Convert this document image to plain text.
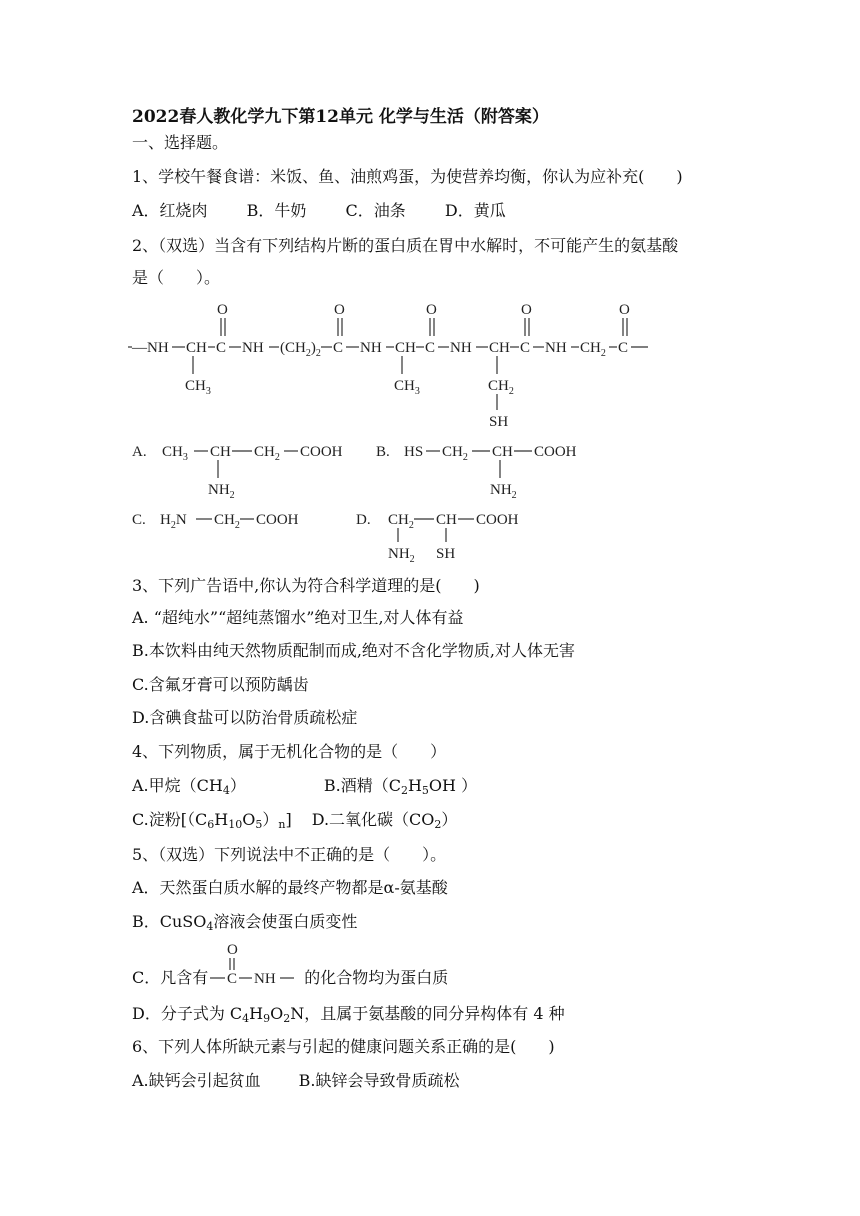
2022春人教化学九下第12单元 化学与生活（附答案）
一、选择题。
1、学校午餐食谱：米饭、鱼、油煎鸡蛋，为使营养均衡，你认为应补充(　　)
A．红烧肉 B．牛奶 C．油条 D．黄瓜
2、（双选）当含有下列结构片断的蛋白质在胃中水解时，不可能产生的氨基酸
是（　　）。
—NH CH C NH $(CH_2)_2$ C NH CH C NH CH C NH $CH_2$ C
O	O	O	O	O
$CH_3$	$CH_3$	$CH_2$
SH
A. $CH_3$ CH $CH_2$ COOH
$NH_2$
B. HS $CH_2$ CH COOH
$NH_2$
C. $H_2N$ $CH_2$ COOH	D. $CH_2$ CH COOH
$NH_2$ SH
3、下列广告语中,你认为符合科学道理的是(　　)
A. “超纯水”“超纯蒸馏水”绝对卫生,对人体有益
B.本饮料由纯天然物质配制而成,绝对不含化学物质,对人体无害
C.含氟牙膏可以预防龋齿
D.含碘食盐可以防治骨质疏松症
4、下列物质，属于无机化合物的是（　　）
A.甲烷$(CH_4)$	B.酒精（$C_2H_5OH$ ）
C.淀粉$[(C_6H_{10}O_5)_n]$ D.二氧化碳$(CO_2)$
5、（双选）下列说法中不正确的是（　　）。
A．天然蛋白质水解的最终产物都是α-氨基酸
B．CuSO$_4$溶液会使蛋白质变性
C．凡含有	的化合物均为蛋白质
O
C NH
D．分子式为 $C_4H_9O_2N$，且属于氨基酸的同分异构体有 4 种
6、下列人体所缺元素与引起的健康问题关系正确的是(　　)
A.缺钙会引起贫血 B.缺锌会导致骨质疏松
